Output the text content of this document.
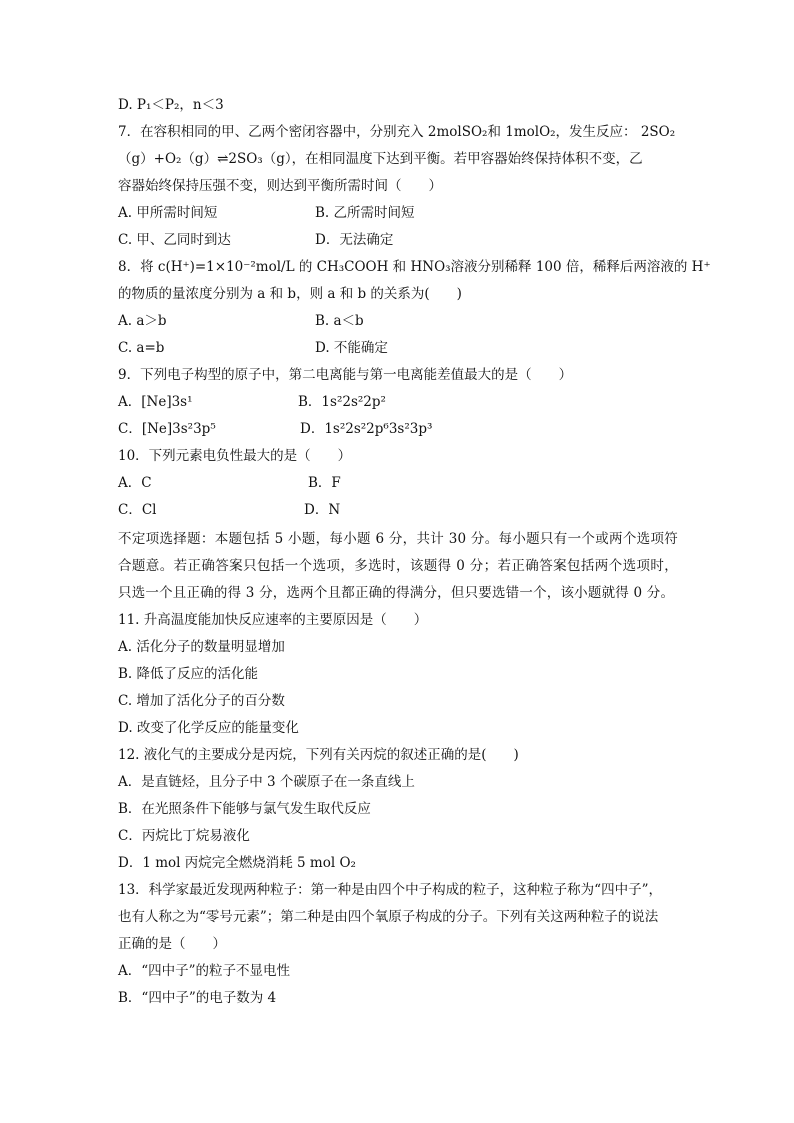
D. P₁＜P₂，n＜3
7．在容积相同的甲、乙两个密闭容器中，分别充入 2molSO₂和 1molO₂，发生反应： 2SO₂
（g）+O₂（g）⇌2SO₃（g），在相同温度下达到平衡。若甲容器始终保持体积不变，乙
容器始终保持压强不变，则达到平衡所需时间（　　）
A. 甲所需时间短	B. 乙所需时间短
C. 甲、乙同时到达	D．无法确定
8．将 c(H⁺)=1×10⁻²mol/L 的 CH₃COOH 和 HNO₃溶液分别稀释 100 倍，稀释后两溶液的 H⁺
的物质的量浓度分别为 a 和 b，则 a 和 b 的关系为(　　)
A. a＞b	B. a＜b
C. a=b	D. 不能确定
9．下列电子构型的原子中，第二电离能与第一电离能差值最大的是（　　）
A．[Ne]3s¹	B．1s²2s²2p²
C．[Ne]3s²3p⁵	D．1s²2s²2p⁶3s²3p³
10．下列元素电负性最大的是（　　）
A．C	B．F
C．Cl	D．N
不定项选择题：本题包括 5 小题，每小题 6 分，共计 30 分。每小题只有一个或两个选项符合题意。若正确答案只包括一个选项，多选时，该题得 0 分；若正确答案包括两个选项时，只选一个且正确的得 3 分，选两个且都正确的得满分，但只要选错一个，该小题就得 0 分。
11. 升高温度能加快反应速率的主要原因是（　　）
A. 活化分子的数量明显增加
B. 降低了反应的活化能
C. 增加了活化分子的百分数
D. 改变了化学反应的能量变化
12. 液化气的主要成分是丙烷，下列有关丙烷的叙述正确的是(　　)
A．是直链烃，且分子中 3 个碳原子在一条直线上
B．在光照条件下能够与氯气发生取代反应
C．丙烷比丁烷易液化
D．1 mol 丙烷完全燃烧消耗 5 mol O₂
13．科学家最近发现两种粒子：第一种是由四个中子构成的粒子，这种粒子称为“四中子”，
也有人称之为“零号元素”；第二种是由四个氧原子构成的分子。下列有关这两种粒子的说法
正确的是（　　）
A．“四中子”的粒子不显电性
B．“四中子”的电子数为 4
